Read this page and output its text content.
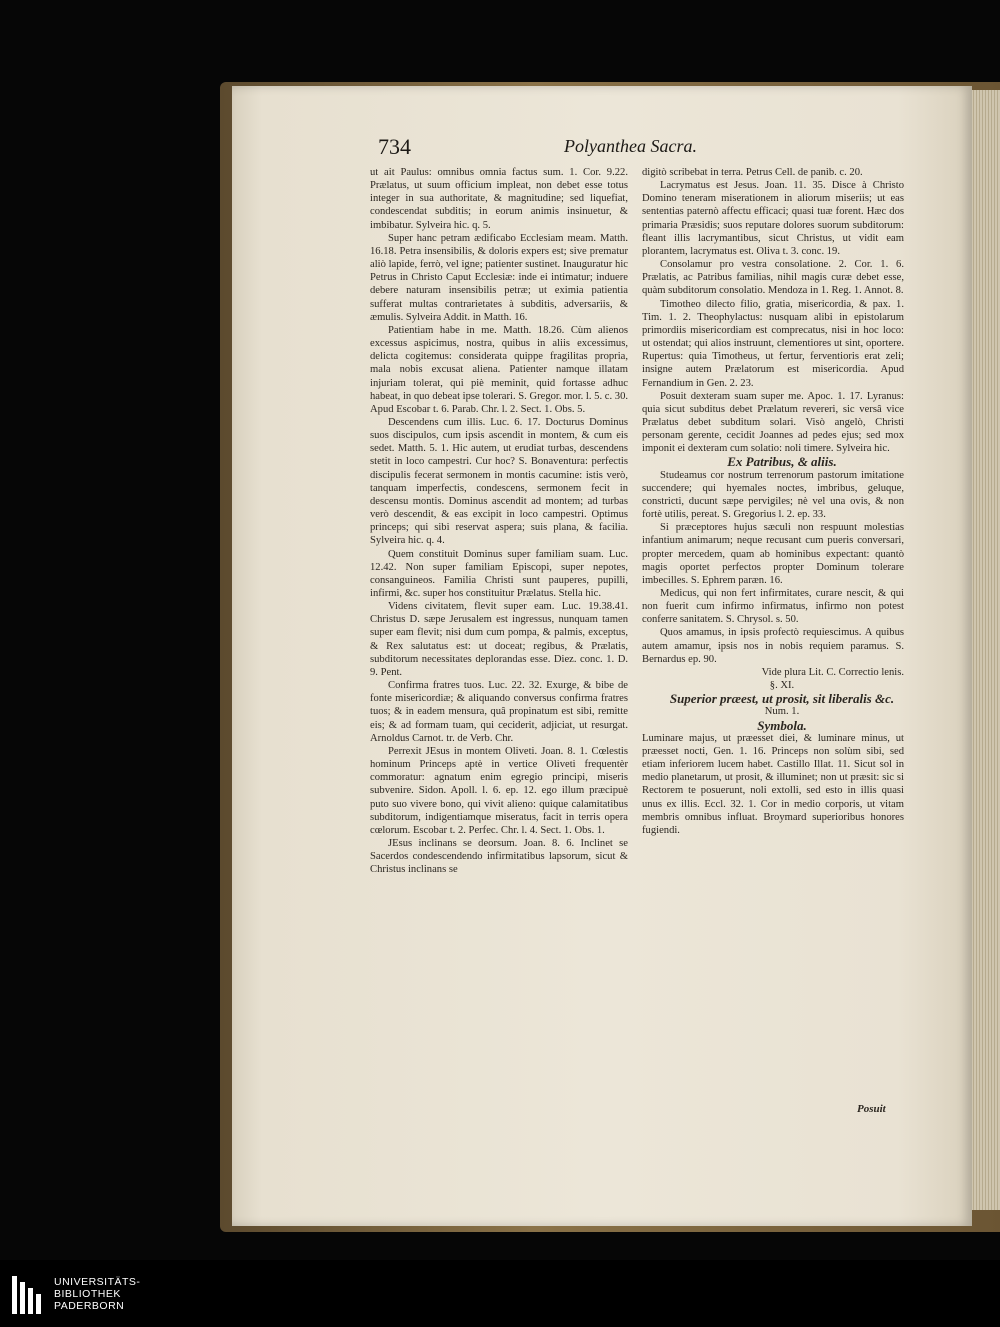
734	Polyanthea Sacra.

ut ait Paulus: omnibus omnia factus sum. 1. Cor. 9.22. Prælatus, ut suum officium impleat, non debet esse totus integer in sua authoritate, & magnitudine; sed liquefiat, condescendat subditis; in eorum animis insinuetur, & imbibatur. Sylveira hic. q. 5.

Super hanc petram ædificabo Ecclesiam meam. Matth. 16.18. Petra insensibilis, & doloris expers est; sive prematur aliò lapide, ferrò, vel igne; patienter sustinet. Inauguratur hic Petrus in Christo Caput Ecclesiæ: inde ei intimatur; induere debere naturam insensibilis petræ; ut eximia patientia sufferat multas contrarietates à subditis, adversariis, & æmulis. Sylveira Addit. in Matth. 16.

Patientiam habe in me. Matth. 18.26. Cùm alienos excessus aspicimus, nostra, quibus in aliis excessimus, delicta cogitemus: considerata quippe fragilitas propria, mala nobis excusat aliena. Patienter namque illatam injuriam tolerat, qui piè meminit, quid fortasse adhuc habeat, in quo debeat ipse tolerari. S. Gregor. mor. l. 5. c. 30. Apud Escobar t. 6. Parab. Chr. l. 2. Sect. 1. Obs. 5.

Descendens cum illis. Luc. 6. 17. Docturus Dominus suos discipulos, cum ipsis ascendit in montem, & cum eis sedet. Matth. 5. 1. Hic autem, ut erudiat turbas, descendens stetit in loco campestri. Cur hoc? S. Bonaventura: perfectis discipulis fecerat sermonem in montis cacumine: istis verò, tanquam imperfectis, condescens, sermonem fecit in descensu montis. Dominus ascendit ad montem; ad turbas verò descendit, & eas excipit in loco campestri. Optimus princeps; qui sibi reservat aspera; suis plana, & facilia. Sylveira hic. q. 4.

Quem constituit Dominus super familiam suam. Luc. 12.42. Non super familiam Episcopi, super nepotes, consanguineos. Familia Christi sunt pauperes, pupilli, infirmi, &c. super hos constituitur Prælatus. Stella hic.

Videns civitatem, flevit super eam. Luc. 19.38.41. Christus D. sæpe Jerusalem est ingressus, nunquam tamen super eam flevit; nisi dum cum pompa, & palmis, exceptus, & Rex salutatus est: ut doceat; regibus, & Prælatis, subditorum necessitates deplorandas esse. Diez. conc. 1. D. 9. Pent.

Confirma fratres tuos. Luc. 22. 32. Exurge, & bibe de fonte misericordiæ; & aliquando conversus confirma fratres tuos; & in eadem mensura, quâ propinatum est sibi, remitte eis; & ad formam tuam, qui ceciderit, adjiciat, ut resurgat. Arnoldus Carnot. tr. de Verb. Chr.

Perrexit JEsus in montem Oliveti. Joan. 8. 1. Cœlestis hominum Princeps aptè in vertice Oliveti frequentèr commoratur: agnatum enim egregio principi, miseris subvenire. Sidon. Apoll. l. 6. ep. 12. ego illum præcipuè puto suo vivere bono, qui vivit alieno: quique calamitatibus subditorum, indigentiamque miseratus, facit in terris opera cœlorum. Escobar t. 2. Perfec. Chr. l. 4. Sect. 1. Obs. 1.

JEsus inclinans se deorsum. Joan. 8. 6. Inclinet se Sacerdos condescendendo infirmitatibus lapsorum, sicut & Christus inclinans se

digitò scribebat in terra. Petrus Cell. de panib. c. 20.

Lacrymatus est Jesus. Joan. 11. 35. Disce à Christo Domino teneram miserationem in aliorum miseriis; ut eas sententias paternò affectu efficaci; quasi tuæ forent. Hæc dos primaria Præsidis; suos reputare dolores suorum subditorum: fleant illis lacrymantibus, sicut Christus, ut vidit eam plorantem, lacrymatus est. Oliva t. 3. conc. 19.

Consolamur pro vestra consolatione. 2. Cor. 1. 6. Prælatis, ac Patribus familias, nihil magis curæ debet esse, quàm subditorum consolatio. Mendoza in 1. Reg. 1. Annot. 8.

Timotheo dilecto filio, gratia, misericordia, & pax. 1. Tim. 1. 2. Theophylactus: nusquam alibi in epistolarum primordiis misericordiam est comprecatus, nisi in hoc loco: ut ostendat; qui alios instruunt, clementiores ut sint, oportere. Rupertus: quia Timotheus, ut fertur, ferventioris erat zeli; insigne autem Prælatorum est misericordia. Apud Fernandium in Gen. 2. 23.

Posuit dexteram suam super me. Apoc. 1. 17. Lyranus: quia sicut subditus debet Prælatum revereri, sic versâ vice Prælatus debet subditum solari. Visò angelò, Christi personam gerente, cecidit Joannes ad pedes ejus; sed mox imponit ei dexteram cum solatio: noli timere. Sylveira hic.

Ex Patribus, & aliis.

Studeamus cor nostrum terrenorum pastorum imitatione succendere; qui hyemales noctes, imbribus, geluque, constricti, ducunt sæpe pervigiles; nè vel una ovis, & non fortè utilis, pereat. S. Gregorius l. 2. ep. 33.

Si præceptores hujus sæculi non respuunt molestias infantium animarum; neque recusant cum pueris conversari, propter mercedem, quam ab hominibus expectant: quantò magis oportet perfectos propter Dominum tolerare imbecilles. S. Ephrem paræn. 16.

Medicus, qui non fert infirmitates, curare nescit, & qui non fuerit cum infirmo infirmatus, infirmo non potest conferre sanitatem. S. Chrysol. s. 50.

Quos amamus, in ipsis profectò requiescimus. A quibus autem amamur, ipsis nos in nobis requiem paramus. S. Bernardus ep. 90.

Vide plura Lit. C. Correctio lenis.

§. XI.

Superior præest, ut prosit, sit liberalis &c.

Num. 1.

Symbola.

Luminare majus, ut præesset diei, & luminare minus, ut præesset nocti, Gen. 1. 16. Princeps non solùm sibi, sed etiam inferiorem lucem habet. Castillo Illat. 11. Sicut sol in medio planetarum, ut prosit, & illuminet; non ut præsit: sic si Rectorem te posuerunt, noli extolli, sed esto in illis quasi unus ex illis. Eccl. 32. 1. Cor in medio corporis, ut vitam membris omnibus influat. Broymard superioribus honores fugiendi.

Posuit
UNIVERSITÄTS-
BIBLIOTHEK
PADERBORN
